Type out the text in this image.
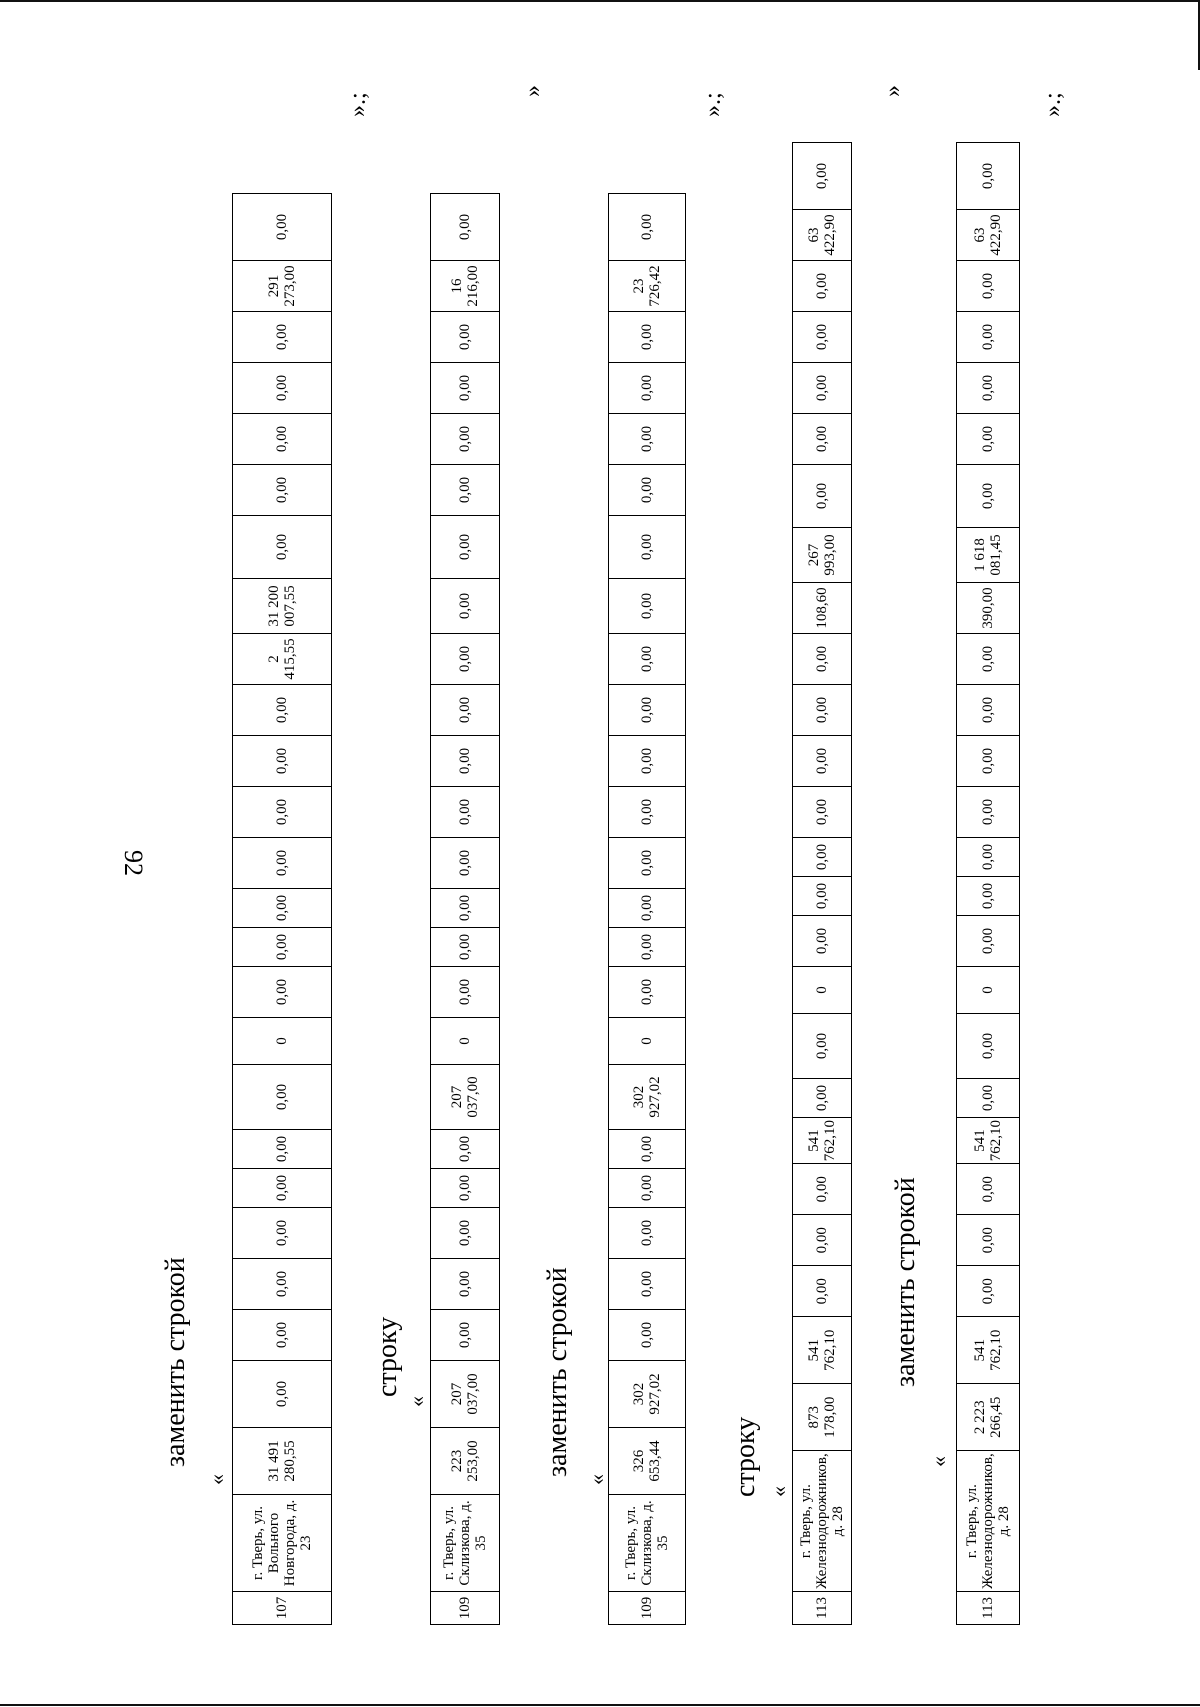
92
заменить строкой
«
107	г. Тверь, ул. Вольного Новгорода, д. 23	31 491 280,55	0,00	0,00	0,00	0,00	0,00	0,00	0,00	0	0,00	0,00	0,00	0,00	0,00	0,00	0,00	2 415,55	31 200 007,55	0,00	0,00	0,00	0,00	0,00	291 273,00	0,00
».;
строку
«
109	г. Тверь, ул. Склизкова, д. 35	223 253,00	207 037,00	0,00	0,00	0,00	0,00	0,00	207 037,00	0	0,00	0,00	0,00	0,00	0,00	0,00	0,00	0,00	0,00	0,00	0,00	0,00	0,00	0,00	16 216,00	0,00
»
заменить строкой
«
109	г. Тверь, ул. Склизкова, д. 35	326 653,44	302 927,02	0,00	0,00	0,00	0,00	0,00	302 927,02	0	0,00	0,00	0,00	0,00	0,00	0,00	0,00	0,00	0,00	0,00	0,00	0,00	0,00	0,00	23 726,42	0,00
».;
строку «
113	г. Тверь, ул. Железнодорожников, д. 28	873 178,00	541 762,10	0,00	0,00	0,00	541 762,10	0,00	0,00	0	0,00	0,00	0,00	0,00	0,00	0,00	0,00	108,60	267 993,00	0,00	0,00	0,00	0,00	0,00	63 422,90	0,00
»
заменить строкой
«
113	г. Тверь, ул. Железнодорожников, д. 28	2 223 266,45	541 762,10	0,00	0,00	0,00	541 762,10	0,00	0,00	0	0,00	0,00	0,00	0,00	0,00	0,00	0,00	390,00	1 618 081,45	0,00	0,00	0,00	0,00	0,00	63 422,90	0,00
».;
